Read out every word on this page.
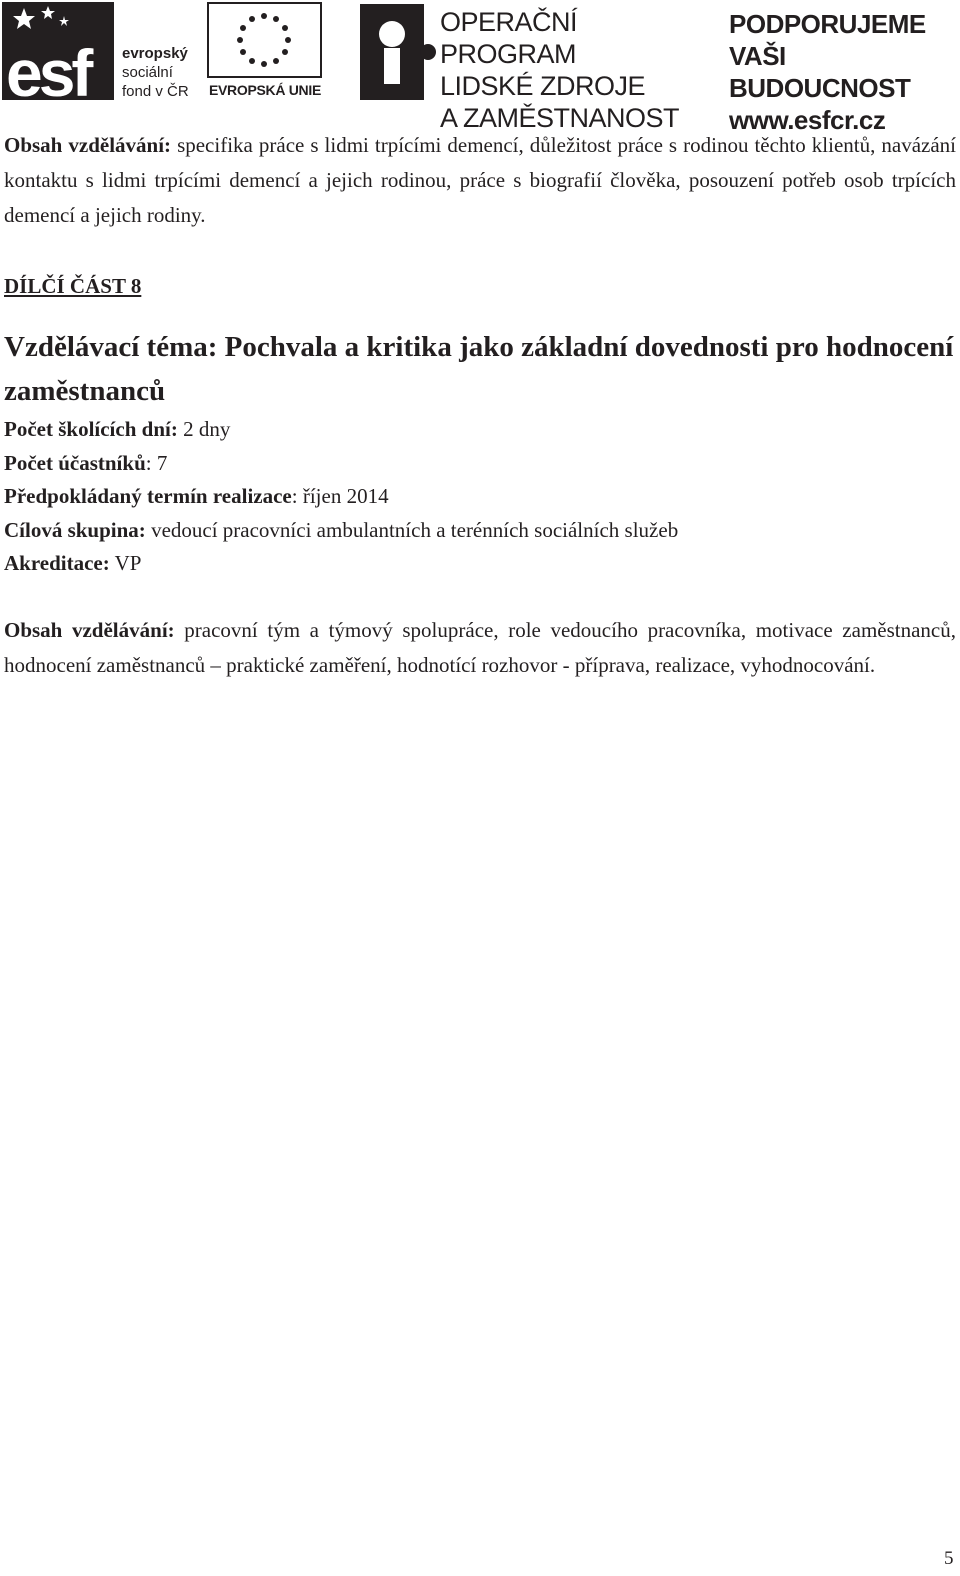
esf	evropský
sociální
fond v ČR EVROPSKÁ UNIE
OPERAČNÍ PROGRAM
LIDSKÉ ZDROJE
A ZAMĚSTNANOST
PODPORUJEME
VAŠI BUDOUCNOST
www.esfcr.cz

Obsah vzdělávání: specifika práce s lidmi trpícími demencí, důležitost práce s rodinou těchto klientů, navázání kontaktu s lidmi trpícími demencí a jejich rodinou, práce s biografií člověka, posouzení potřeb osob trpících demencí a jejich rodiny.

DÍLČÍ ČÁST 8
Vzdělávací téma: Pochvala a kritika jako základní dovednosti pro hodnocení zaměstnanců

Počet školících dní: 2 dny

Počet účastníků: 7

Předpokládaný termín realizace: říjen 2014

Cílová skupina: vedoucí pracovníci ambulantních a terénních sociálních služeb

Akreditace: VP

Obsah vzdělávání: pracovní tým a týmový spolupráce, role vedoucího pracovníka, motivace zaměstnanců, hodnocení zaměstnanců – praktické zaměření, hodnotící rozhovor - příprava, realizace, vyhodnocování.

5
